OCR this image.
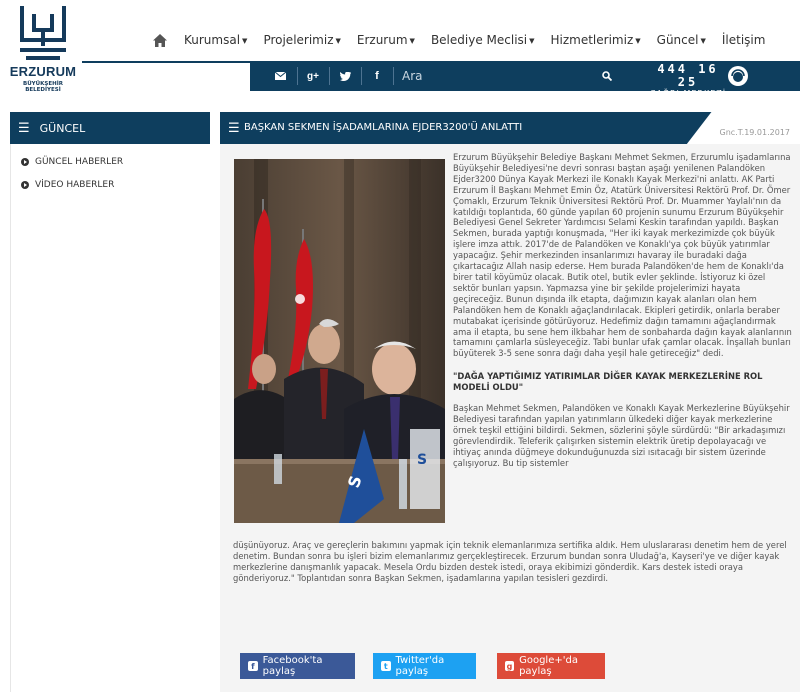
ERZURUM
BÜYÜKŞEHİR BELEDİYESİ
Kurumsal ▼ Projelerimiz ▼ Erzurum ▼ Belediye Meclisi ▼ Hizmetlerimiz ▼ Güncel ▼ İletişim
g+	f
Ara	444 16 25
ÇAĞRI MERKEZİ
☰ GÜNCEL
GÜNCEL HABERLER
VİDEO HABERLER
☰ BAŞKAN SEKMEN İŞADAMLARINA EJDER3200'Ü ANLATTI	Gnc.T.19.01.2017
S
S

Erzurum Büyükşehir Belediye Başkanı Mehmet Sekmen, Erzurumlu işadamlarına Büyükşehir Belediyesi'ne devri sonrası baştan aşağı yenilenen Palandöken Ejder3200 Dünya Kayak Merkezi ile Konaklı Kayak Merkezi'ni anlattı. AK Parti Erzurum İl Başkanı Mehmet Emin Öz, Atatürk Üniversitesi Rektörü Prof. Dr. Ömer Çomaklı, Erzurum Teknik Üniversitesi Rektörü Prof. Dr. Muammer Yaylalı'nın da katıldığı toplantıda, 60 günde yapılan 60 projenin sunumu Erzurum Büyükşehir Belediyesi Genel Sekreter Yardımcısı Selami Keskin tarafından yapıldı. Başkan Sekmen, burada yaptığı konuşmada, "Her iki kayak merkezimizde çok büyük işlere imza attık. 2017'de de Palandöken ve Konaklı'ya çok büyük yatırımlar yapacağız. Şehir merkezinden insanlarımızı havaray ile buradaki dağa çıkartacağız Allah nasip ederse. Hem burada Palandöken'de hem de Konaklı'da birer tatil köyümüz olacak. Butik otel, butik evler şeklinde. İstiyoruz ki özel sektör bunları yapsın. Yapmazsa yine bir şekilde projelerimizi hayata geçireceğiz. Bunun dışında ilk etapta, dağımızın kayak alanları olan hem Palandöken hem de Konaklı ağaçlandırılacak. Ekipleri getirdik, onlarla beraber mutabakat içerisinde götürüyoruz. Hedefimiz dağın tamamını ağaçlandırmak ama il etapta, bu sene hem ilkbahar hem de sonbaharda dağın kayak alanlarının tamamını çamlarla süsleyeceğiz. Tabi bunlar ufak çamlar olacak. İnşallah bunları büyüterek 3-5 sene sonra dağı daha yeşil hale getireceğiz" dedi.

"DAĞA YAPTIĞIMIZ YATIRIMLAR DİĞER KAYAK MERKEZLERİNE ROL MODELİ OLDU"

Başkan Mehmet Sekmen, Palandöken ve Konaklı Kayak Merkezlerine Büyükşehir Belediyesi tarafından yapılan yatırımların ülkedeki diğer kayak merkezlerine örnek teşkil ettiğini bildirdi. Sekmen, sözlerini şöyle sürdürdü: "Bir arkadaşımızı görevlendirdik. Teleferik çalışırken sistemin elektrik üretip depolayacağı ve ihtiyaç anında düğmeye dokunduğunuzda sizi ısıtacağı bir sistem üzerinde çalışıyoruz. Bu tip sistemler

düşünüyoruz. Araç ve gereçlerin bakımını yapmak için teknik elemanlarımıza sertifika aldık. Hem uluslararası denetim hem de yerel denetim. Bundan sonra bu işleri bizim elemanlarımız gerçekleştirecek. Erzurum bundan sonra Uludağ'a, Kayseri'ye ve diğer kayak merkezlerine danışmanlık yapacak. Mesela Ordu bizden destek istedi, oraya ekibimizi gönderdik. Kars destek istedi oraya gönderiyoruz." Toplantıdan sonra Başkan Sekmen, işadamlarına yapılan tesisleri gezdirdi.

f Facebook'ta paylaş	t Twitter'da paylaş	g Google+'da paylaş
